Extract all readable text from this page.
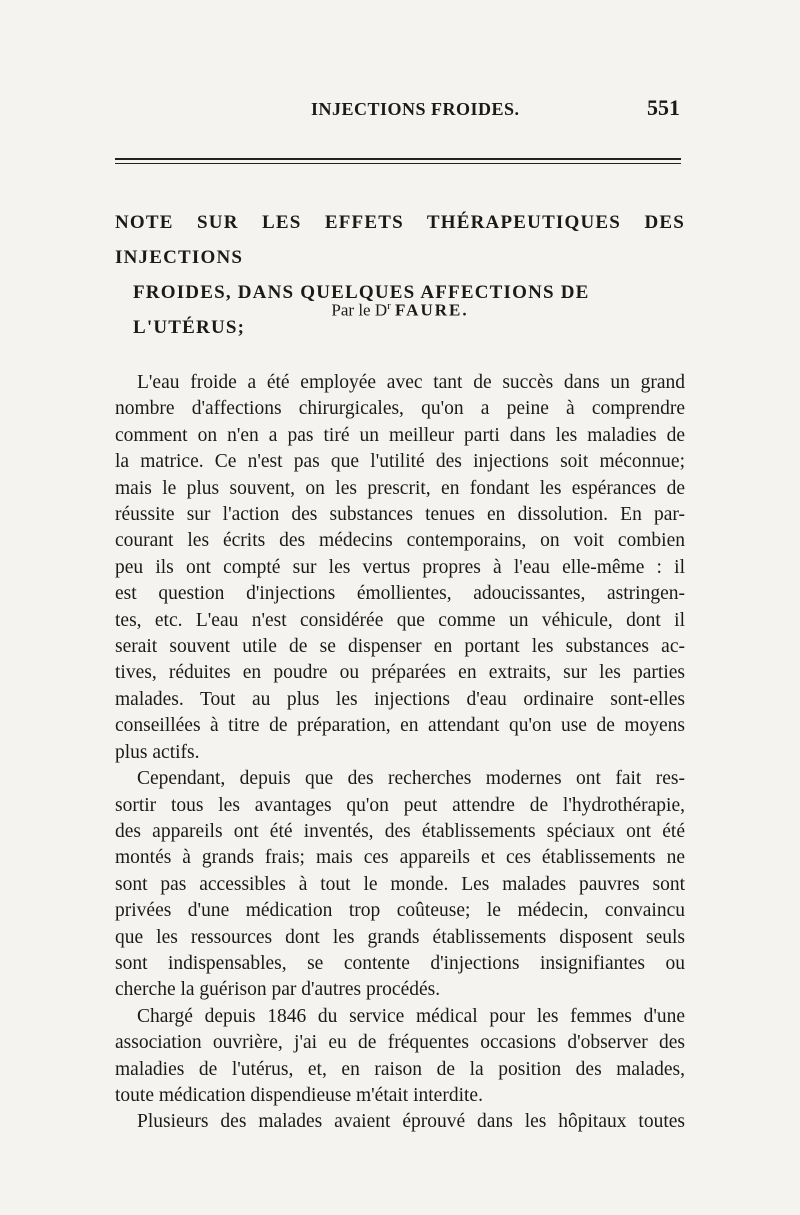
INJECTIONS FROIDES.	551
NOTE SUR LES EFFETS THÉRAPEUTIQUES DES INJECTIONS
FROIDES, DANS QUELQUES AFFECTIONS DE L'UTÉRUS;
Par le $D^r$ FAURE.
L'eau froide a été employée avec tant de succès dans un grand
nombre d'affections chirurgicales, qu'on a peine à comprendre
comment on n'en a pas tiré un meilleur parti dans les maladies de
la matrice. Ce n'est pas que l'utilité des injections soit méconnue;
mais le plus souvent, on les prescrit, en fondant les espérances de
réussite sur l'action des substances tenues en dissolution. En par-
courant les écrits des médecins contemporains, on voit combien
peu ils ont compté sur les vertus propres à l'eau elle-même : il
est question d'injections émollientes, adoucissantes, astringen-
tes, etc. L'eau n'est considérée que comme un véhicule, dont il
serait souvent utile de se dispenser en portant les substances ac-
tives, réduites en poudre ou préparées en extraits, sur les parties
malades. Tout au plus les injections d'eau ordinaire sont-elles
conseillées à titre de préparation, en attendant qu'on use de moyens
plus actifs.
Cependant, depuis que des recherches modernes ont fait res-
sortir tous les avantages qu'on peut attendre de l'hydrothérapie,
des appareils ont été inventés, des établissements spéciaux ont été
montés à grands frais; mais ces appareils et ces établissements ne
sont pas accessibles à tout le monde. Les malades pauvres sont
privées d'une médication trop coûteuse; le médecin, convaincu
que les ressources dont les grands établissements disposent seuls
sont indispensables, se contente d'injections insignifiantes ou
cherche la guérison par d'autres procédés.
Chargé depuis 1846 du service médical pour les femmes d'une
association ouvrière, j'ai eu de fréquentes occasions d'observer des
maladies de l'utérus, et, en raison de la position des malades,
toute médication dispendieuse m'était interdite.
Plusieurs des malades avaient éprouvé dans les hôpitaux toutes
